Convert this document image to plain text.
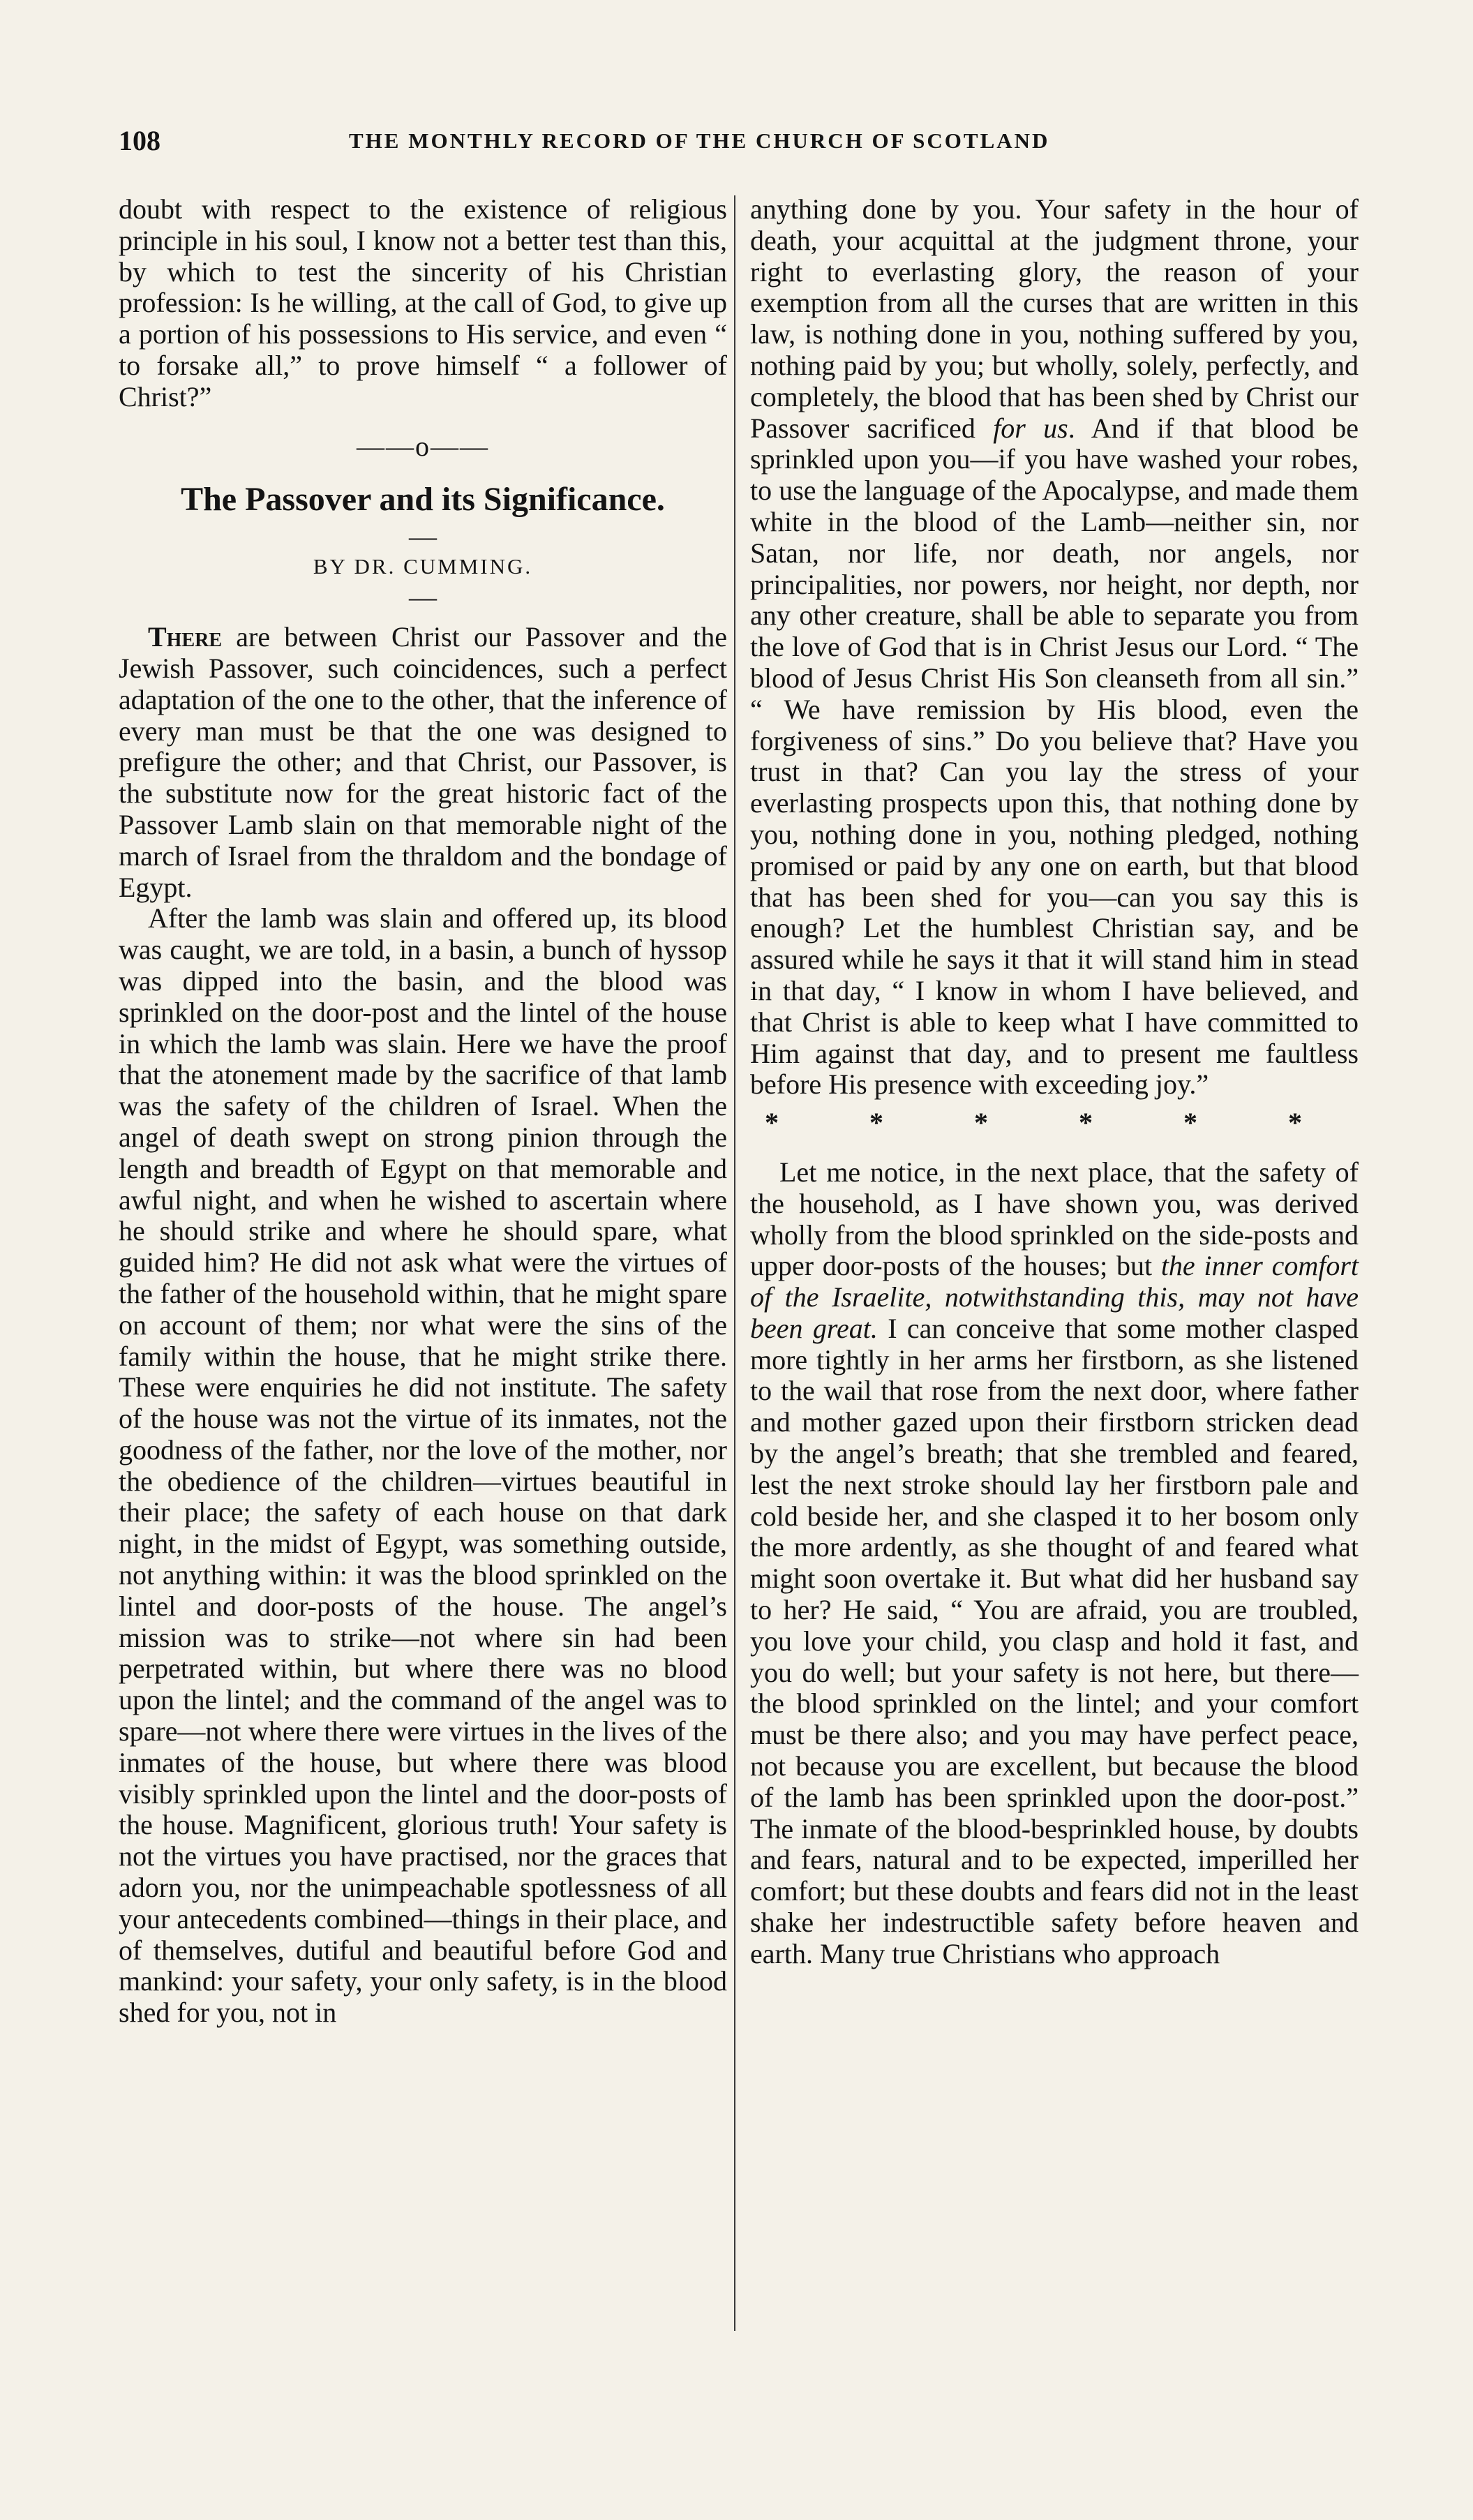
108	THE MONTHLY RECORD OF THE CHURCH OF SCOTLAND

doubt with respect to the existence of religious principle in his soul, I know not a better test than this, by which to test the sincerity of his Christian profession: Is he willing, at the call of God, to give up a portion of his possessions to His service, and even “ to forsake all,” to prove himself “ a follower of Christ?”

——o——

The Passover and its Significance.

—

BY DR. CUMMING.

—

There are between Christ our Passover and the Jewish Passover, such coincidences, such a perfect adaptation of the one to the other, that the inference of every man must be that the one was designed to prefigure the other; and that Christ, our Passover, is the substitute now for the great historic fact of the Passover Lamb slain on that memorable night of the march of Israel from the thraldom and the bondage of Egypt.

After the lamb was slain and offered up, its blood was caught, we are told, in a basin, a bunch of hyssop was dipped into the basin, and the blood was sprinkled on the door-post and the lintel of the house in which the lamb was slain. Here we have the proof that the atonement made by the sacrifice of that lamb was the safety of the children of Israel. When the angel of death swept on strong pinion through the length and breadth of Egypt on that memorable and awful night, and when he wished to ascertain where he should strike and where he should spare, what guided him? He did not ask what were the virtues of the father of the household within, that he might spare on account of them; nor what were the sins of the family within the house, that he might strike there. These were enquiries he did not institute. The safety of the house was not the virtue of its inmates, not the goodness of the father, nor the love of the mother, nor the obedience of the children—virtues beautiful in their place; the safety of each house on that dark night, in the midst of Egypt, was something outside, not anything within: it was the blood sprinkled on the lintel and door-posts of the house. The angel’s mission was to strike—not where sin had been perpetrated within, but where there was no blood upon the lintel; and the command of the angel was to spare—not where there were virtues in the lives of the inmates of the house, but where there was blood visibly sprinkled upon the lintel and the door-posts of the house. Magnificent, glorious truth! Your safety is not the virtues you have practised, nor the graces that adorn you, nor the unimpeachable spotlessness of all your antecedents combined—things in their place, and of themselves, dutiful and beautiful before God and mankind: your safety, your only safety, is in the blood shed for you, not in

anything done by you. Your safety in the hour of death, your acquittal at the judgment throne, your right to everlasting glory, the reason of your exemption from all the curses that are written in this law, is nothing done in you, nothing suffered by you, nothing paid by you; but wholly, solely, perfectly, and completely, the blood that has been shed by Christ our Passover sacrificed for us. And if that blood be sprinkled upon you—if you have washed your robes, to use the language of the Apocalypse, and made them white in the blood of the Lamb—neither sin, nor Satan, nor life, nor death, nor angels, nor principalities, nor powers, nor height, nor depth, nor any other creature, shall be able to separate you from the love of God that is in Christ Jesus our Lord. “ The blood of Jesus Christ His Son cleanseth from all sin.” “ We have remission by His blood, even the forgiveness of sins.” Do you believe that? Have you trust in that? Can you lay the stress of your everlasting prospects upon this, that nothing done by you, nothing done in you, nothing pledged, nothing promised or paid by any one on earth, but that blood that has been shed for you—can you say this is enough? Let the humblest Christian say, and be assured while he says it that it will stand him in stead in that day, “ I know in whom I have believed, and that Christ is able to keep what I have committed to Him against that day, and to present me faultless before His presence with exceeding joy.”

* * * * * *

Let me notice, in the next place, that the safety of the household, as I have shown you, was derived wholly from the blood sprinkled on the side-posts and upper door-posts of the houses; but the inner comfort of the Israelite, notwithstanding this, may not have been great. I can conceive that some mother clasped more tightly in her arms her firstborn, as she listened to the wail that rose from the next door, where father and mother gazed upon their firstborn stricken dead by the angel’s breath; that she trembled and feared, lest the next stroke should lay her firstborn pale and cold beside her, and she clasped it to her bosom only the more ardently, as she thought of and feared what might soon overtake it. But what did her husband say to her? He said, “ You are afraid, you are troubled, you love your child, you clasp and hold it fast, and you do well; but your safety is not here, but there—the blood sprinkled on the lintel; and your comfort must be there also; and you may have perfect peace, not because you are excellent, but because the blood of the lamb has been sprinkled upon the door-post.” The inmate of the blood-besprinkled house, by doubts and fears, natural and to be expected, imperilled her comfort; but these doubts and fears did not in the least shake her indestructible safety before heaven and earth. Many true Christians who approach
